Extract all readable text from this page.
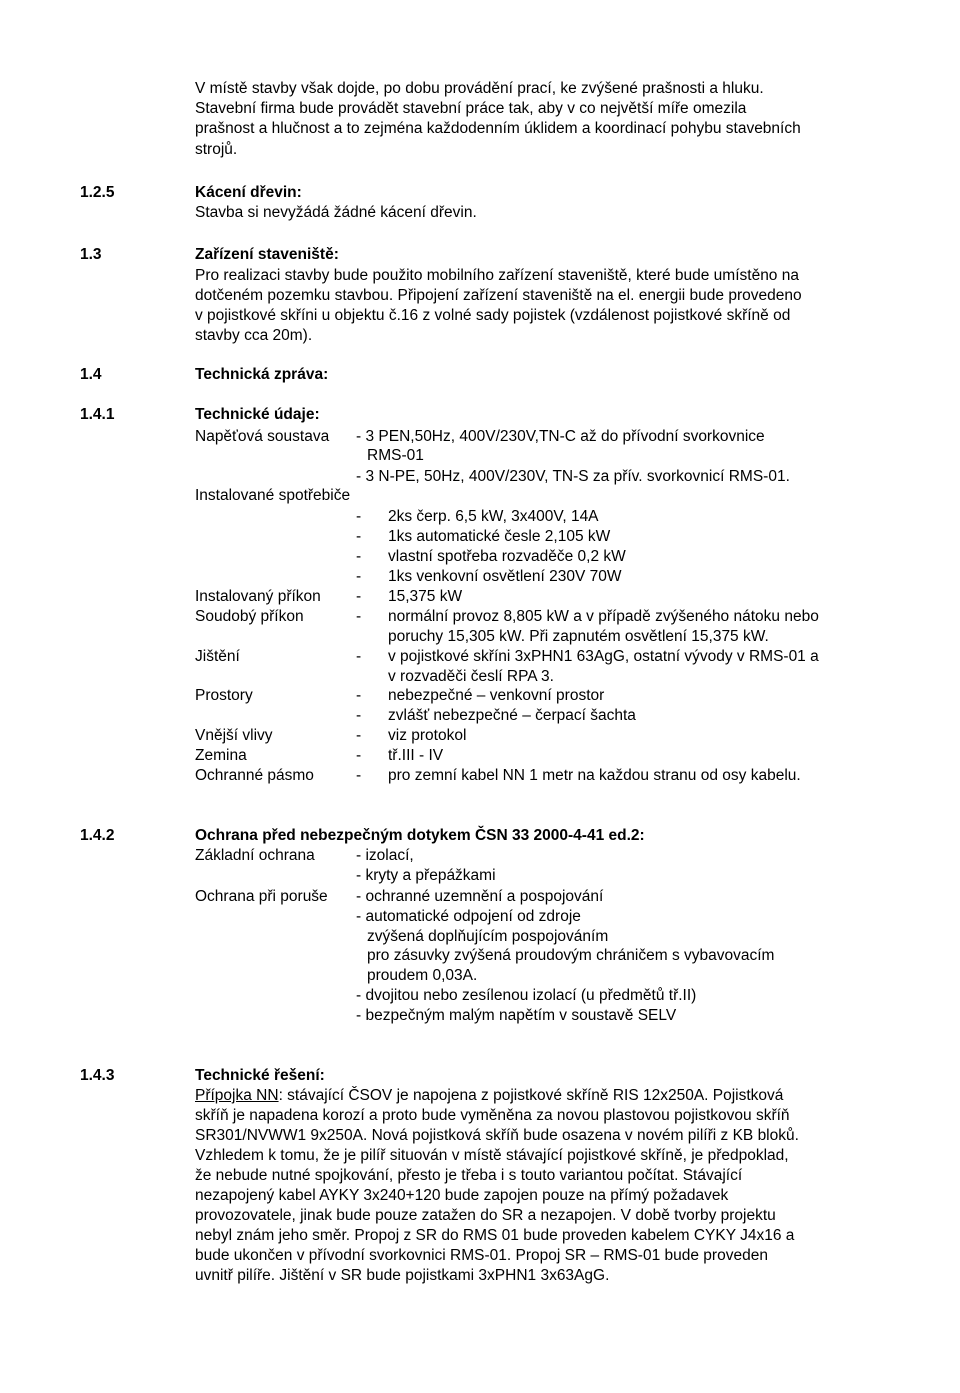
V místě stavby však dojde, po dobu provádění prací, ke zvýšené prašnosti a hluku.
Stavební firma bude provádět stavební práce tak, aby v co největší míře omezila
prašnost a hlučnost a to zejména každodenním úklidem a koordinací pohybu stavebních
strojů.
1.2.5	Kácení dřevin:
Stavba si nevyžádá žádné kácení dřevin.
1.3	Zařízení staveniště:
Pro realizaci stavby bude použito mobilního zařízení staveniště, které bude umístěno na
dotčeném pozemku stavbou. Připojení zařízení staveniště na el. energii bude provedeno
v pojistkové skříni u objektu č.16 z volné sady pojistek (vzdálenost pojistkové skříně od
stavby cca 20m).
1.4	Technická zpráva:
1.4.1	Technické údaje:
Napěťová soustava - 3 PEN,50Hz, 400V/230V,TN-C až do přívodní svorkovnice
RMS-01
- 3 N-PE, 50Hz, 400V/230V, TN-S za přív. svorkovnicí RMS-01.
Instalované spotřebiče
- 2ks čerp. 6,5 kW, 3x400V, 14A
- 1ks automatické česle 2,105 kW
- vlastní spotřeba rozvaděče 0,2 kW
- 1ks venkovní osvětlení 230V 70W
Instalovaný příkon - 15,375 kW
Soudobý příkon	- normální provoz 8,805 kW a v případě zvýšeného nátoku nebo
poruchy 15,305 kW. Při zapnutém osvětlení 15,375 kW.
Jištění	- v pojistkové skříni 3xPHN1 63AgG, ostatní vývody v RMS-01 a
v rozvaděči česlí RPA 3.
Prostory	- nebezpečné – venkovní prostor
- zvlášť nebezpečné – čerpací šachta
Vnější vlivy	- viz protokol
Zemina	- tř.III - IV
Ochranné pásmo	- pro zemní kabel NN 1 metr na každou stranu od osy kabelu.
1.4.2	Ochrana před nebezpečným dotykem ČSN 33 2000-4-41 ed.2:
Základní ochrana	- izolací,
- kryty a přepážkami
Ochrana při poruše - ochranné uzemnění a pospojování
- automatické odpojení od zdroje
zvýšená doplňujícím pospojováním
pro zásuvky zvýšená proudovým chráničem s vybavovacím
proudem 0,03A.
- dvojitou nebo zesílenou izolací (u předmětů tř.II)
- bezpečným malým napětím v soustavě SELV
1.4.3	Technické řešení:
Přípojka NN: stávající ČSOV je napojena z pojistkové skříně RIS 12x250A. Pojistková
skříň je napadena korozí a proto bude vyměněna za novou plastovou pojistkovou skříň
SR301/NVWW1 9x250A. Nová pojistková skříň bude osazena v novém pilíři z KB bloků.
Vzhledem k tomu, že je pilíř situován v místě stávající pojistkové skříně, je předpoklad,
že nebude nutné spojkování, přesto je třeba i s touto variantou počítat. Stávající
nezapojený kabel AYKY 3x240+120 bude zapojen pouze na přímý požadavek
provozovatele, jinak bude pouze zatažen do SR a nezapojen. V době tvorby projektu
nebyl znám jeho směr. Propoj z SR do RMS 01 bude proveden kabelem CYKY J4x16 a
bude ukončen v přívodní svorkovnici RMS-01. Propoj SR – RMS-01 bude proveden
uvnitř pilíře. Jištění v SR bude pojistkami 3xPHN1 3x63AgG.
